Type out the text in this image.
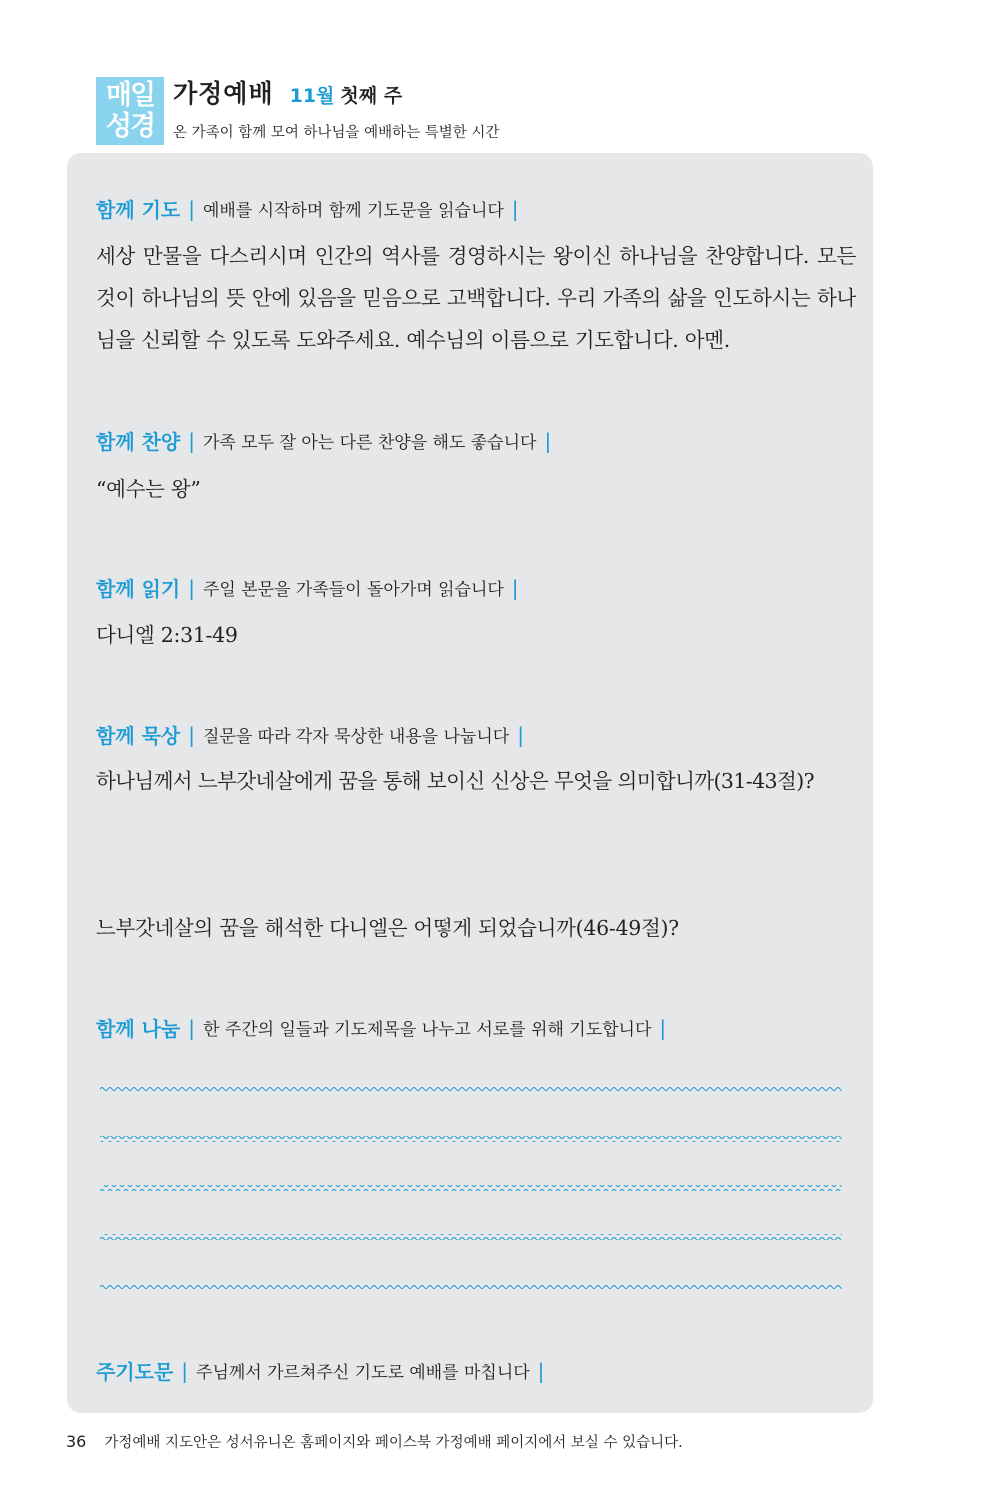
매일
성경
가정예배 11월 첫째 주
온 가족이 함께 모여 하나님을 예배하는 특별한 시간
함께 기도 | 예배를 시작하며 함께 기도문을 읽습니다 |

세상 만물을 다스리시며 인간의 역사를 경영하시는 왕이신 하나님을 찬양합니다. 모든 것이 하나님의 뜻 안에 있음을 믿음으로 고백합니다. 우리 가족의 삶을 인도하시는 하나님을 신뢰할 수 있도록 도와주세요. 예수님의 이름으로 기도합니다. 아멘.

함께 찬양 | 가족 모두 잘 아는 다른 찬양을 해도 좋습니다 |

“예수는 왕”

함께 읽기 | 주일 본문을 가족들이 돌아가며 읽습니다 |

다니엘 2:31-49

함께 묵상 | 질문을 따라 각자 묵상한 내용을 나눕니다 |

하나님께서 느부갓네살에게 꿈을 통해 보이신 신상은 무엇을 의미합니까(31-43절)?

느부갓네살의 꿈을 해석한 다니엘은 어떻게 되었습니까(46-49절)?

함께 나눔 | 한 주간의 일들과 기도제목을 나누고 서로를 위해 기도합니다 |
주기도문 | 주님께서 가르쳐주신 기도로 예배를 마칩니다 |
36 가정예배 지도안은 성서유니온 홈페이지와 페이스북 가정예배 페이지에서 보실 수 있습니다.
